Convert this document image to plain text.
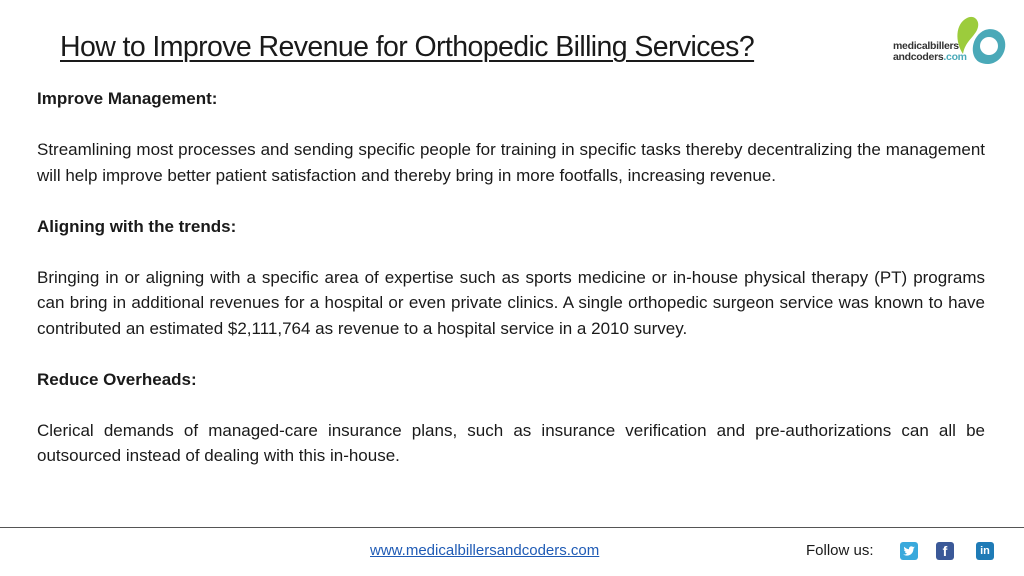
How to Improve Revenue for Orthopedic Billing Services?	medicalbillers
andcoders.com
Improve Management:

Streamlining most processes and sending specific people for training in specific tasks thereby decentralizing the management will help improve better patient satisfaction and thereby bring in more footfalls, increasing revenue.

Aligning with the trends:

Bringing in or aligning with a specific area of expertise such as sports medicine or in-house physical therapy (PT) programs can bring in additional revenues for a hospital or even private clinics. A single orthopedic surgeon service was known to have contributed an estimated $2,111,764 as revenue to a hospital service in a 2010 survey.

Reduce Overheads:

Clerical demands of managed-care insurance plans, such as insurance verification and pre-authorizations can all be outsourced instead of dealing with this in-house.

www.medicalbillersandcoders.com	Follow us:	f	in
